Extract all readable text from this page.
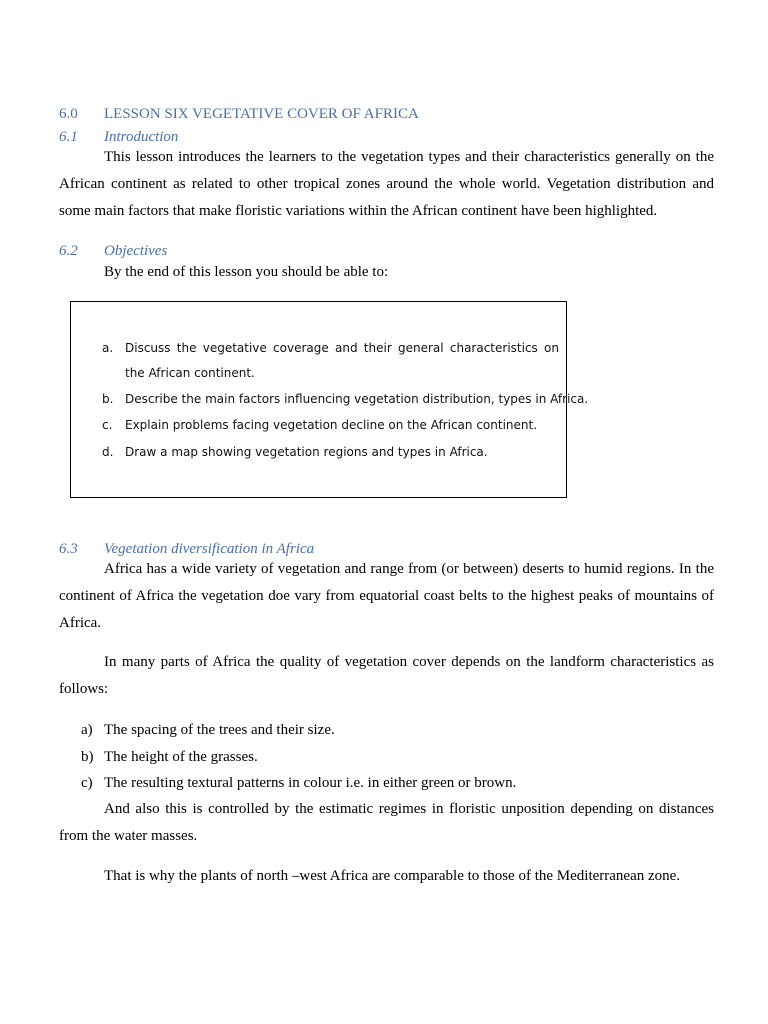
6.0 LESSON SIX VEGETATIVE COVER OF AFRICA
6.1 Introduction
This lesson introduces the learners to the vegetation types and their characteristics generally on the African continent as related to other tropical zones around the whole world. Vegetation distribution and some main factors that make floristic variations within the African continent have been highlighted.
6.2 Objectives
By the end of this lesson you should be able to:
a. Discuss the vegetative coverage and their general characteristics on the African continent.
b. Describe the main factors influencing vegetation distribution, types in Africa.
c. Explain problems facing vegetation decline on the African continent.
d. Draw a map showing vegetation regions and types in Africa.
6.3 Vegetation diversification in Africa
Africa has a wide variety of vegetation and range from (or between) deserts to humid regions. In the continent of Africa the vegetation doe vary from equatorial coast belts to the highest peaks of mountains of Africa.
In many parts of Africa the quality of vegetation cover depends on the landform characteristics as follows:
a) The spacing of the trees and their size.
b) The height of the grasses.
c) The resulting textural patterns in colour i.e. in either green or brown.
And also this is controlled by the estimatic regimes in floristic unposition depending on distances from the water masses.
That is why the plants of north –west Africa are comparable to those of the Mediterranean zone.
